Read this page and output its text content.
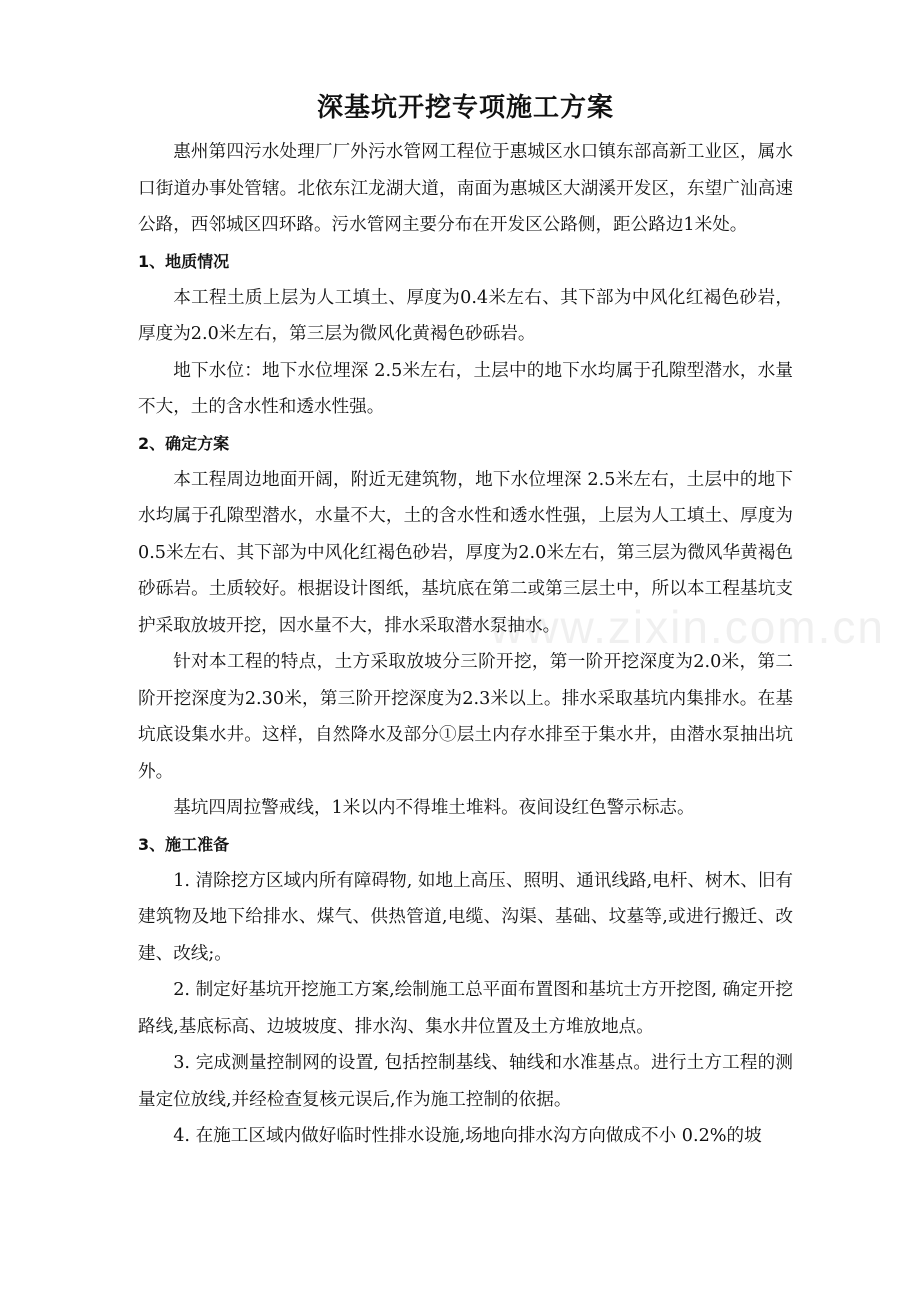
www.zixin.com.cn
深基坑开挖专项施工方案

惠州第四污水处理厂厂外污水管网工程位于惠城区水口镇东部高新工业区，属水口街道办事处管辖。北依东江龙湖大道，南面为惠城区大湖溪开发区，东望广汕高速公路，西邻城区四环路。污水管网主要分布在开发区公路侧，距公路边1米处。

1、地质情况

本工程土质上层为人工填土、厚度为0.4米左右、其下部为中风化红褐色砂岩，厚度为2.0米左右，第三层为微风化黄褐色砂砾岩。

地下水位：地下水位埋深 2.5米左右，土层中的地下水均属于孔隙型潜水，水量不大，土的含水性和透水性强。

2、确定方案

本工程周边地面开阔，附近无建筑物，地下水位埋深 2.5米左右，土层中的地下水均属于孔隙型潜水，水量不大，土的含水性和透水性强，上层为人工填土、厚度为0.5米左右、其下部为中风化红褐色砂岩，厚度为2.0米左右，第三层为微风华黄褐色砂砾岩。土质较好。根据设计图纸，基坑底在第二或第三层土中，所以本工程基坑支护采取放坡开挖，因水量不大，排水采取潜水泵抽水。

针对本工程的特点，土方采取放坡分三阶开挖，第一阶开挖深度为2.0米，第二阶开挖深度为2.30米，第三阶开挖深度为2.3米以上。排水采取基坑内集排水。在基坑底设集水井。这样，自然降水及部分①层土内存水排至于集水井，由潜水泵抽出坑外。

基坑四周拉警戒线，1米以内不得堆土堆料。夜间设红色警示标志。

3、施工准备

1. 清除挖方区域内所有障碍物, 如地上高压、照明、通讯线路,电杆、树木、旧有建筑物及地下给排水、煤气、供热管道,电缆、沟渠、基础、坟墓等,或进行搬迁、改建、改线;。

2. 制定好基坑开挖施工方案,绘制施工总平面布置图和基坑士方开挖图, 确定开挖路线,基底标高、边坡坡度、排水沟、集水井位置及土方堆放地点。

3. 完成测量控制网的设置, 包括控制基线、轴线和水准基点。进行土方工程的测量定位放线,并经检查复核元误后,作为施工控制的依据。

4. 在施工区域内做好临时性排水设施,场地向排水沟方向做成不小 0.2%的坡
